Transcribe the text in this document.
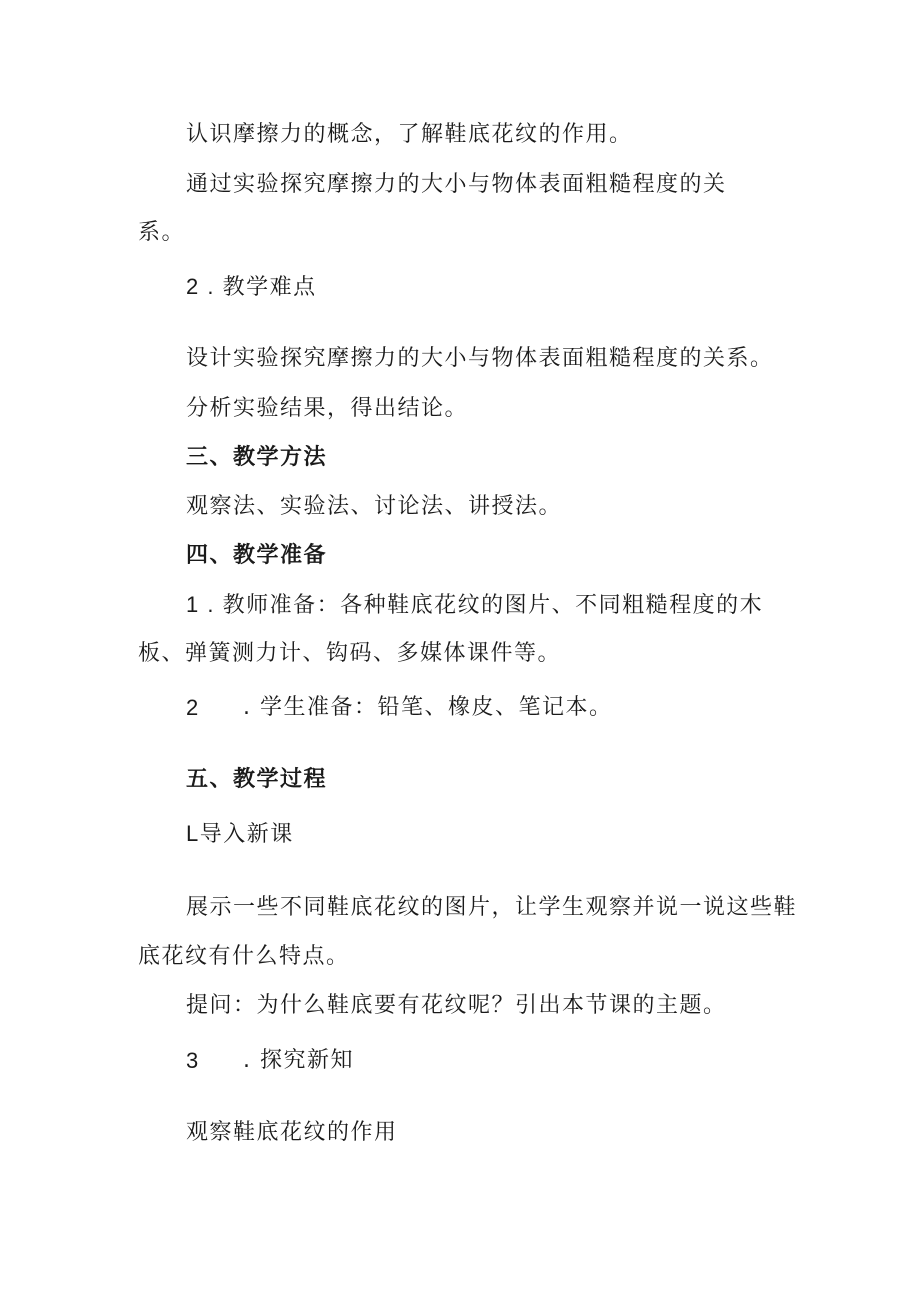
认识摩擦力的概念，了解鞋底花纹的作用。

通过实验探究摩擦力的大小与物体表面粗糙程度的关

系。

2 . 教学难点

设计实验探究摩擦力的大小与物体表面粗糙程度的关系。

分析实验结果，得出结论。

三、教学方法

观察法、实验法、讨论法、讲授法。

四、教学准备

1 . 教师准备：各种鞋底花纹的图片、不同粗糙程度的木

板、弹簧测力计、钩码、多媒体课件等。

2 . 学生准备：铅笔、橡皮、笔记本。

五、教学过程

L导入新课

展示一些不同鞋底花纹的图片，让学生观察并说一说这些鞋

底花纹有什么特点。

提问：为什么鞋底要有花纹呢？引出本节课的主题。

3 . 探究新知

观察鞋底花纹的作用
